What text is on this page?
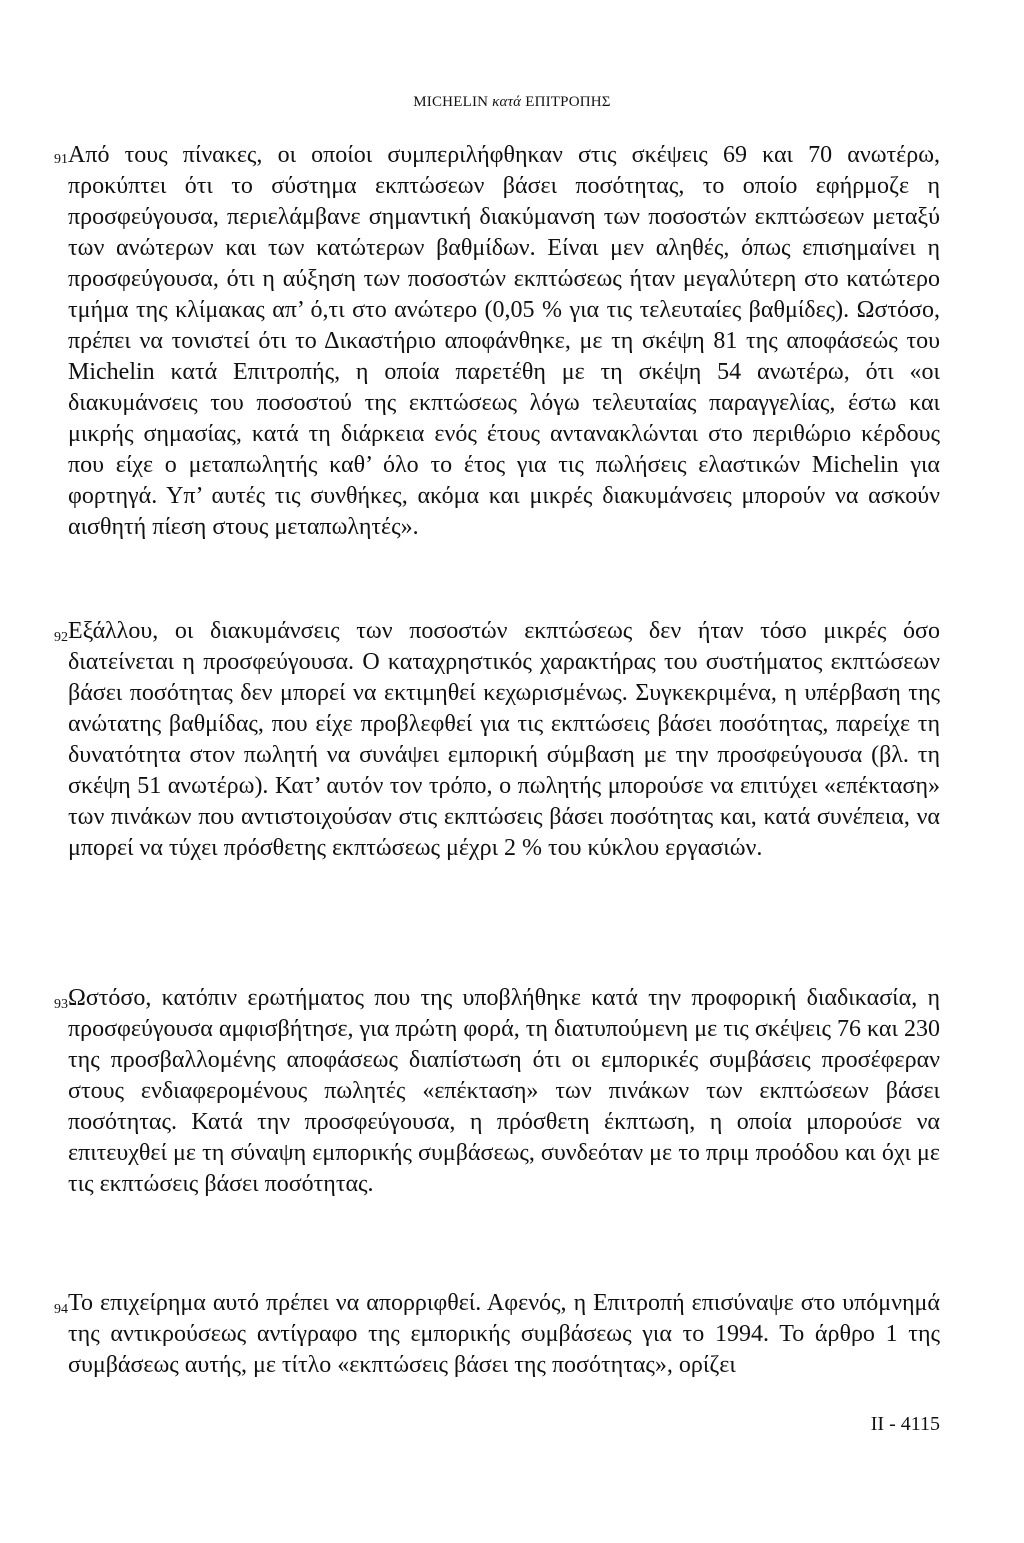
MICHELIN κατά ΕΠΙΤΡΟΠΗΣ
91 Από τους πίνακες, οι οποίοι συμπεριλήφθηκαν στις σκέψεις 69 και 70 ανωτέρω, προκύπτει ότι το σύστημα εκπτώσεων βάσει ποσότητας, το οποίο εφήρμοζε η προσφεύγουσα, περιελάμβανε σημαντική διακύμανση των ποσοστών εκπτώσεων μεταξύ των ανώτερων και των κατώτερων βαθμίδων. Είναι μεν αληθές, όπως επισημαίνει η προσφεύγουσα, ότι η αύξηση των ποσοστών εκπτώσεως ήταν μεγαλύτερη στο κατώτερο τμήμα της κλίμακας απ’ ό,τι στο ανώτερο (0,05 % για τις τελευταίες βαθμίδες). Ωστόσο, πρέπει να τονιστεί ότι το Δικαστήριο αποφάνθηκε, με τη σκέψη 81 της αποφάσεώς του Michelin κατά Επιτροπής, η οποία παρετέθη με τη σκέψη 54 ανωτέρω, ότι «οι διακυμάνσεις του ποσοστού της εκπτώσεως λόγω τελευταίας παραγγελίας, έστω και μικρής σημασίας, κατά τη διάρκεια ενός έτους αντανακλώνται στο περιθώριο κέρδους που είχε ο μεταπωλητής καθ’ όλο το έτος για τις πωλήσεις ελαστικών Michelin για φορτηγά. Υπ’ αυτές τις συνθήκες, ακόμα και μικρές διακυμάνσεις μπορούν να ασκούν αισθητή πίεση στους μεταπωλητές».

92 Εξάλλου, οι διακυμάνσεις των ποσοστών εκπτώσεως δεν ήταν τόσο μικρές όσο διατείνεται η προσφεύγουσα. Ο καταχρηστικός χαρακτήρας του συστήματος εκπτώσεων βάσει ποσότητας δεν μπορεί να εκτιμηθεί κεχωρισμένως. Συγκεκριμένα, η υπέρβαση της ανώτατης βαθμίδας, που είχε προβλεφθεί για τις εκπτώσεις βάσει ποσότητας, παρείχε τη δυνατότητα στον πωλητή να συνάψει εμπορική σύμβαση με την προσφεύγουσα (βλ. τη σκέψη 51 ανωτέρω). Κατ’ αυτόν τον τρόπο, ο πωλητής μπορούσε να επιτύχει «επέκταση» των πινάκων που αντιστοιχούσαν στις εκπτώσεις βάσει ποσότητας και, κατά συνέπεια, να μπορεί να τύχει πρόσθετης εκπτώσεως μέχρι 2 % του κύκλου εργασιών.

93 Ωστόσο, κατόπιν ερωτήματος που της υποβλήθηκε κατά την προφορική διαδικασία, η προσφεύγουσα αμφισβήτησε, για πρώτη φορά, τη διατυπούμενη με τις σκέψεις 76 και 230 της προσβαλλομένης αποφάσεως διαπίστωση ότι οι εμπορικές συμβάσεις προσέφεραν στους ενδιαφερομένους πωλητές «επέκταση» των πινάκων των εκπτώσεων βάσει ποσότητας. Κατά την προσφεύγουσα, η πρόσθετη έκπτωση, η οποία μπορούσε να επιτευχθεί με τη σύναψη εμπορικής συμβάσεως, συνδεόταν με το πριμ προόδου και όχι με τις εκπτώσεις βάσει ποσότητας.

94 Το επιχείρημα αυτό πρέπει να απορριφθεί. Αφενός, η Επιτροπή επισύναψε στο υπόμνημά της αντικρούσεως αντίγραφο της εμπορικής συμβάσεως για το 1994. Το άρθρο 1 της συμβάσεως αυτής, με τίτλο «εκπτώσεις βάσει της ποσότητας», ορίζει

II - 4115
